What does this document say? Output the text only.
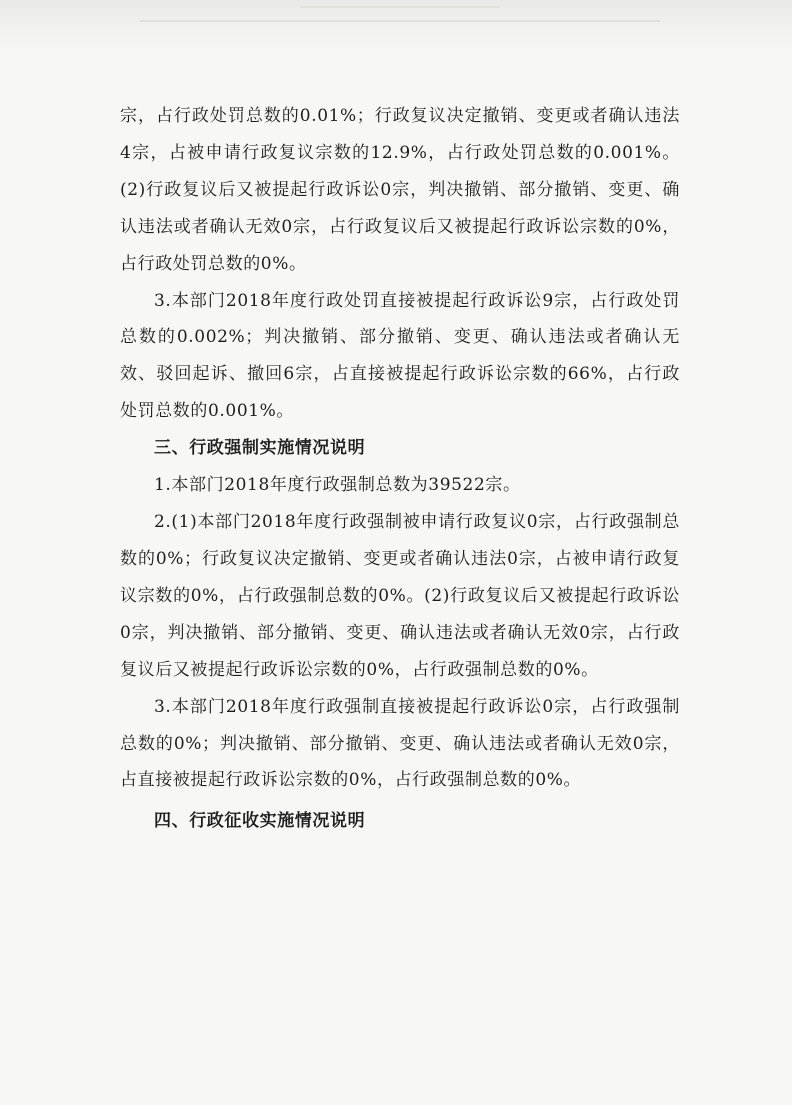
宗，占行政处罚总数的0.01%；行政复议决定撤销、变更或者确认违法4宗，占被申请行政复议宗数的12.9%，占行政处罚总数的0.001%。(2)行政复议后又被提起行政诉讼0宗，判决撤销、部分撤销、变更、确认违法或者确认无效0宗，占行政复议后又被提起行政诉讼宗数的0%，占行政处罚总数的0%。

3.本部门2018年度行政处罚直接被提起行政诉讼9宗，占行政处罚总数的0.002%；判决撤销、部分撤销、变更、确认违法或者确认无效、驳回起诉、撤回6宗，占直接被提起行政诉讼宗数的66%，占行政处罚总数的0.001%。

三、行政强制实施情况说明

1.本部门2018年度行政强制总数为39522宗。

2.(1)本部门2018年度行政强制被申请行政复议0宗，占行政强制总数的0%；行政复议决定撤销、变更或者确认违法0宗，占被申请行政复议宗数的0%，占行政强制总数的0%。(2)行政复议后又被提起行政诉讼0宗，判决撤销、部分撤销、变更、确认违法或者确认无效0宗，占行政复议后又被提起行政诉讼宗数的0%，占行政强制总数的0%。

3.本部门2018年度行政强制直接被提起行政诉讼0宗，占行政强制总数的0%；判决撤销、部分撤销、变更、确认违法或者确认无效0宗，占直接被提起行政诉讼宗数的0%，占行政强制总数的0%。

四、行政征收实施情况说明
